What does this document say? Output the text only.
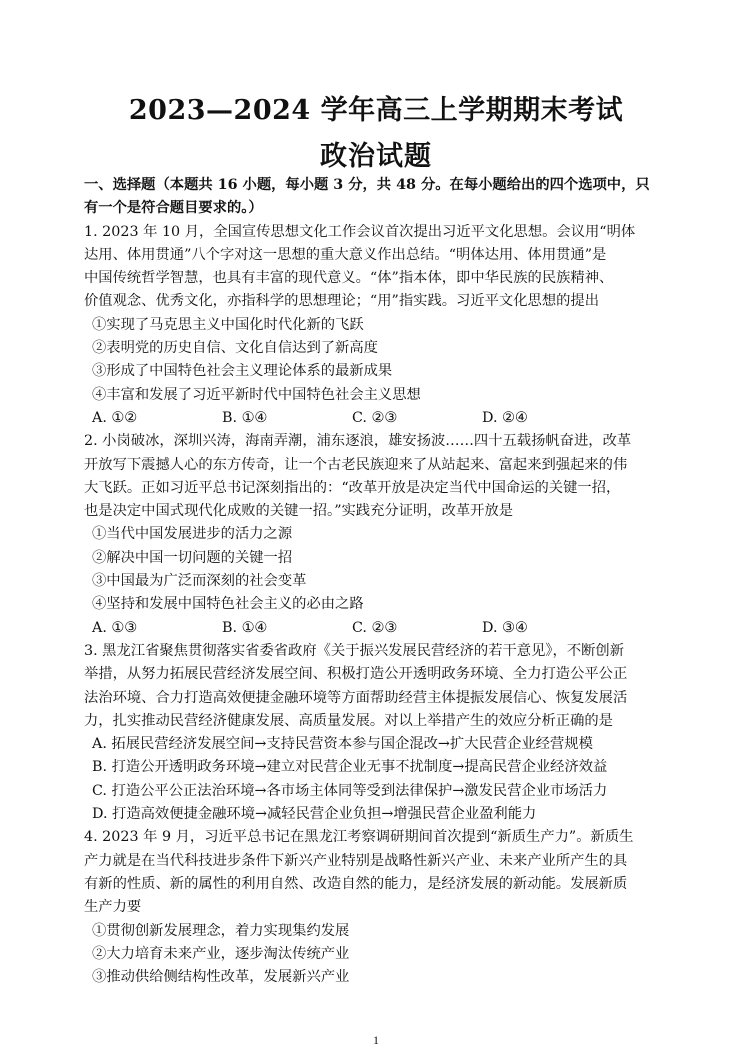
2023—2024 学年高三上学期期末考试
政治试题

一、选择题（本题共 16 小题，每小题 3 分，共 48 分。在每小题给出的四个选项中，只

有一个是符合题目要求的。）

1. 2023 年 10 月，全国宣传思想文化工作会议首次提出习近平文化思想。会议用“明体

达用、体用贯通”八个字对这一思想的重大意义作出总结。“明体达用、体用贯通”是

中国传统哲学智慧，也具有丰富的现代意义。“体”指本体，即中华民族的民族精神、

价值观念、优秀文化，亦指科学的思想理论；“用”指实践。习近平文化思想的提出

①实现了马克思主义中国化时代化新的飞跃

②表明党的历史自信、文化自信达到了新高度

③形成了中国特色社会主义理论体系的最新成果

④丰富和发展了习近平新时代中国特色社会主义思想

A. ①②	B. ①④	C. ②③	D. ②④

2. 小岗破冰，深圳兴涛，海南弄潮，浦东逐浪，雄安扬波……四十五载扬帆奋进，改革

开放写下震撼人心的东方传奇，让一个古老民族迎来了从站起来、富起来到强起来的伟

大飞跃。正如习近平总书记深刻指出的：“改革开放是决定当代中国命运的关键一招，

也是决定中国式现代化成败的关键一招。”实践充分证明，改革开放是

①当代中国发展进步的活力之源

②解决中国一切问题的关键一招

③中国最为广泛而深刻的社会变革

④坚持和发展中国特色社会主义的必由之路

A. ①③	B. ①④	C. ②③	D. ③④

3. 黑龙江省聚焦贯彻落实省委省政府《关于振兴发展民营经济的若干意见》，不断创新

举措，从努力拓展民营经济发展空间、积极打造公开透明政务环境、全力打造公平公正

法治环境、合力打造高效便捷金融环境等方面帮助经营主体提振发展信心、恢复发展活

力，扎实推动民营经济健康发展、高质量发展。对以上举措产生的效应分析正确的是

A. 拓展民营经济发展空间→支持民营资本参与国企混改→扩大民营企业经营规模

B. 打造公开透明政务环境→建立对民营企业无事不扰制度→提高民营企业经济效益

C. 打造公平公正法治环境→各市场主体同等受到法律保护→激发民营企业市场活力

D. 打造高效便捷金融环境→减轻民营企业负担→增强民营企业盈利能力

4. 2023 年 9 月，习近平总书记在黑龙江考察调研期间首次提到“新质生产力”。新质生

产力就是在当代科技进步条件下新兴产业特别是战略性新兴产业、未来产业所产生的具

有新的性质、新的属性的利用自然、改造自然的能力，是经济发展的新动能。发展新质

生产力要

①贯彻创新发展理念，着力实现集约发展

②大力培育未来产业，逐步淘汰传统产业

③推动供给侧结构性改革，发展新兴产业

1
